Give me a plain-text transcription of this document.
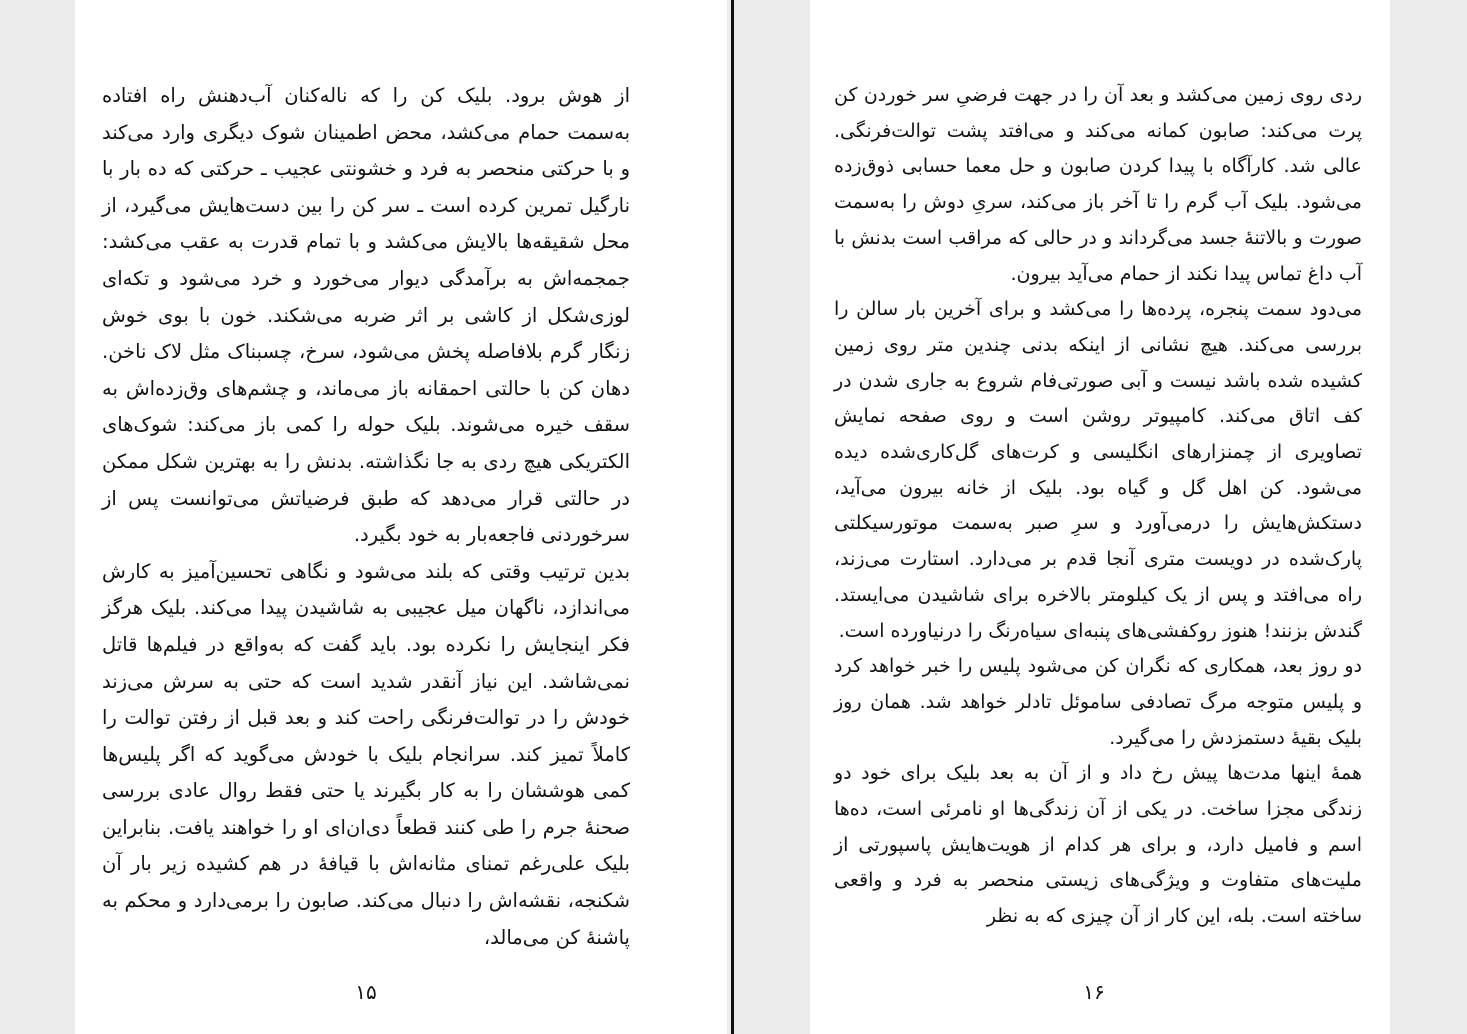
از هوش برود. بلیک کن را که ناله‌کنان آب‌دهنش راه افتاده به‌سمت حمام می‌کشد، محض اطمینان شوک دیگری وارد می‌کند و با حرکتی منحصر به فرد و خشونتی عجیب ـ حرکتی که ده بار با نارگیل تمرین کرده است ـ سر کن را بین دست‌هایش می‌گیرد، از محل شقیقه‌ها بالایش می‌کشد و با تمام قدرت به عقب می‌کشد: جمجمه‌اش به برآمدگی دیوار می‌خورد و خرد می‌شود و تکه‌ای لوزی‌شکل از کاشی بر اثر ضربه می‌شکند. خون با بوی خوش زنگار گرم بلافاصله پخش می‌شود، سرخ، چسبناک مثل لاک ناخن. دهان کن با حالتی احمقانه باز می‌ماند، و چشم‌های وق‌زده‌اش به سقف خیره می‌شوند. بلیک حوله را کمی باز می‌کند: شوک‌های الکتریکی هیچ ردی به جا نگذاشته. بدنش را به بهترین شکل ممکن در حالتی قرار می‌دهد که طبق فرضیاتش می‌توانست پس از سرخوردنی فاجعه‌بار به خود بگیرد.

بدین ترتیب وقتی که بلند می‌شود و نگاهی تحسین‌آمیز به کارش می‌اندازد، ناگهان میل عجیبی به شاشیدن پیدا می‌کند. بلیک هرگز فکر اینجایش را نکرده بود. باید گفت که به‌واقع در فیلم‌ها قاتل نمی‌شاشد. این نیاز آنقدر شدید است که حتی به سرش می‌زند خودش را در توالت‌فرنگی راحت کند و بعد قبل از رفتن توالت را کاملاً تمیز کند. سرانجام بلیک با خودش می‌گوید که اگر پلیس‌ها کمی هوششان را به کار بگیرند یا حتی فقط روال عادی بررسی صحنهٔ جرم را طی کنند قطعاً دی‌ان‌ای او را خواهند یافت. بنابراین بلیک علی‌رغم تمنای مثانه‌اش با قیافهٔ در هم کشیده زیر بار آن شکنجه، نقشه‌اش را دنبال می‌کند. صابون را برمی‌دارد و محکم به پاشنهٔ کن می‌مالد،

۱۵

ردی روی زمین می‌کشد و بعد آن را در جهت فرضیِ سر خوردن کن پرت می‌کند: صابون کمانه می‌کند و می‌افتد پشت توالت‌فرنگی. عالی شد. کارآگاه با پیدا کردن صابون و حل معما حسابی ذوق‌زده می‌شود. بلیک آب گرم را تا آخر باز می‌کند، سریِ دوش را به‌سمت صورت و بالاتنهٔ جسد می‌گرداند و در حالی که مراقب است بدنش با آب داغ تماس پیدا نکند از حمام می‌آید بیرون.

می‌دود سمت پنجره، پرده‌ها را می‌کشد و برای آخرین بار سالن را بررسی می‌کند. هیچ نشانی از اینکه بدنی چندین متر روی زمین کشیده شده باشد نیست و آبی صورتی‌فام شروع به جاری شدن در کف اتاق می‌کند. کامپیوتر روشن است و روی صفحه نمایش تصاویری از چمنزارهای انگلیسی و کرت‌های گل‌کاری‌شده دیده می‌شود. کن اهل گل و گیاه بود. بلیک از خانه بیرون می‌آید، دستکش‌هایش را درمی‌آورد و سرِ صبر به‌سمت موتورسیکلتی پارک‌شده در دویست متری آنجا قدم بر می‌دارد. استارت می‌زند، راه می‌افتد و پس از یک کیلومتر بالاخره برای شاشیدن می‌ایستد. گندش بزنند! هنوز روکفشی‌های پنبه‌ای سیاه‌رنگ را درنیاورده است.

دو روز بعد، همکاری که نگران کن می‌شود پلیس را خبر خواهد کرد و پلیس متوجه مرگ تصادفی ساموئل تادلر خواهد شد. همان روز بلیک بقیهٔ دستمزدش را می‌گیرد.

همهٔ اینها مدت‌ها پیش رخ داد و از آن به بعد بلیک برای خود دو زندگی مجزا ساخت. در یکی از آن زندگی‌ها او نامرئی است، ده‌ها اسم و فامیل دارد، و برای هر کدام از هویت‌هایش پاسپورتی از ملیت‌های متفاوت و ویژگی‌های زیستی منحصر به فرد و واقعی ساخته است. بله، این کار از آن چیزی که به نظر

۱۶
